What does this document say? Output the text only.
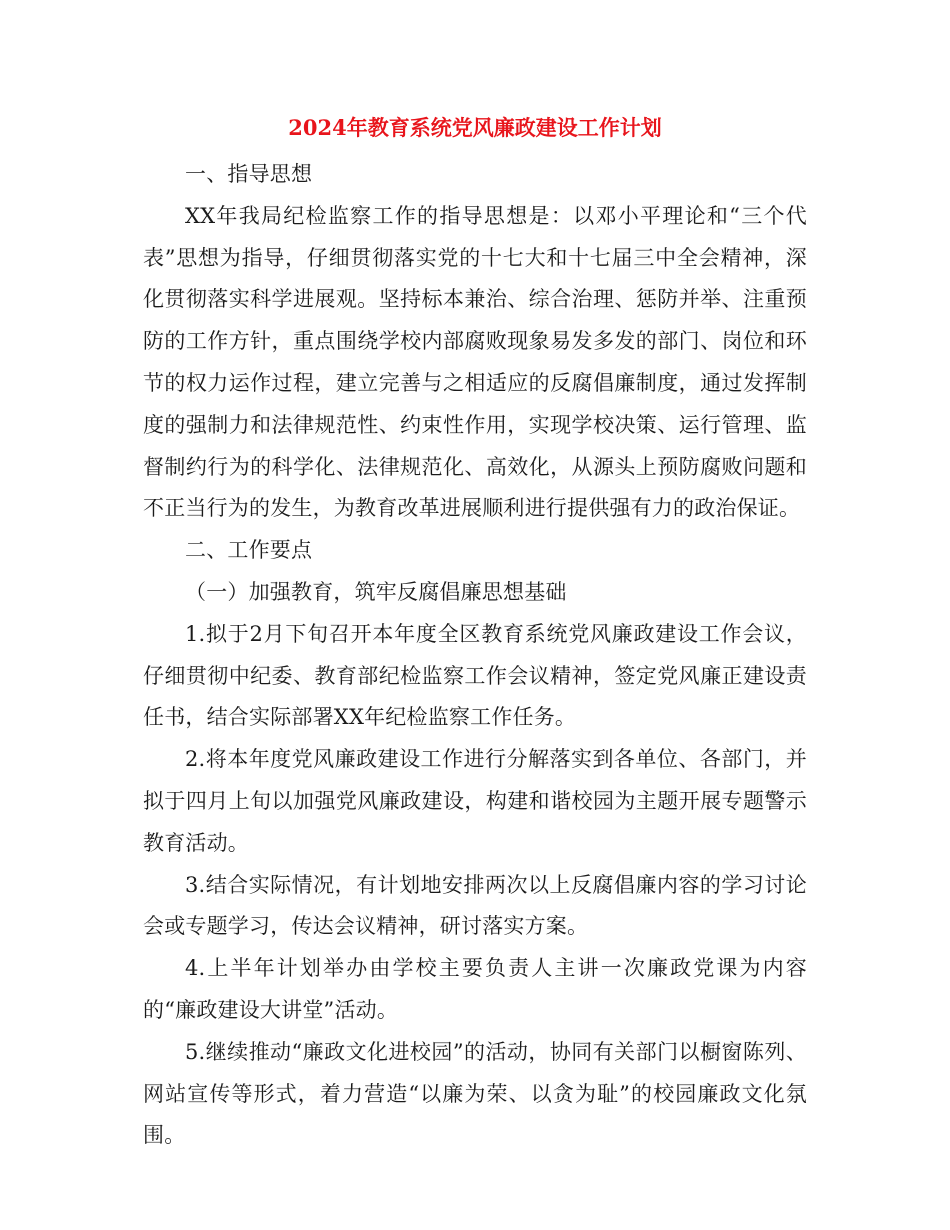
2024年教育系统党风廉政建设工作计划

一、指导思想

XX年我局纪检监察工作的指导思想是：以邓小平理论和“三个代表”思想为指导，仔细贯彻落实党的十七大和十七届三中全会精神，深化贯彻落实科学进展观。坚持标本兼治、综合治理、惩防并举、注重预防的工作方针，重点围绕学校内部腐败现象易发多发的部门、岗位和环节的权力运作过程，建立完善与之相适应的反腐倡廉制度，通过发挥制度的强制力和法律规范性、约束性作用，实现学校决策、运行管理、监督制约行为的科学化、法律规范化、高效化，从源头上预防腐败问题和不正当行为的发生，为教育改革进展顺利进行提供强有力的政治保证。

二、工作要点

（一）加强教育，筑牢反腐倡廉思想基础

1.拟于2月下旬召开本年度全区教育系统党风廉政建设工作会议，仔细贯彻中纪委、教育部纪检监察工作会议精神，签定党风廉正建设责任书，结合实际部署XX年纪检监察工作任务。

2.将本年度党风廉政建设工作进行分解落实到各单位、各部门，并拟于四月上旬以加强党风廉政建设，构建和谐校园为主题开展专题警示教育活动。

3.结合实际情况，有计划地安排两次以上反腐倡廉内容的学习讨论会或专题学习，传达会议精神，研讨落实方案。

4.上半年计划举办由学校主要负责人主讲一次廉政党课为内容的“廉政建设大讲堂”活动。

5.继续推动“廉政文化进校园”的活动，协同有关部门以橱窗陈列、网站宣传等形式，着力营造“以廉为荣、以贪为耻”的校园廉政文化氛围。
